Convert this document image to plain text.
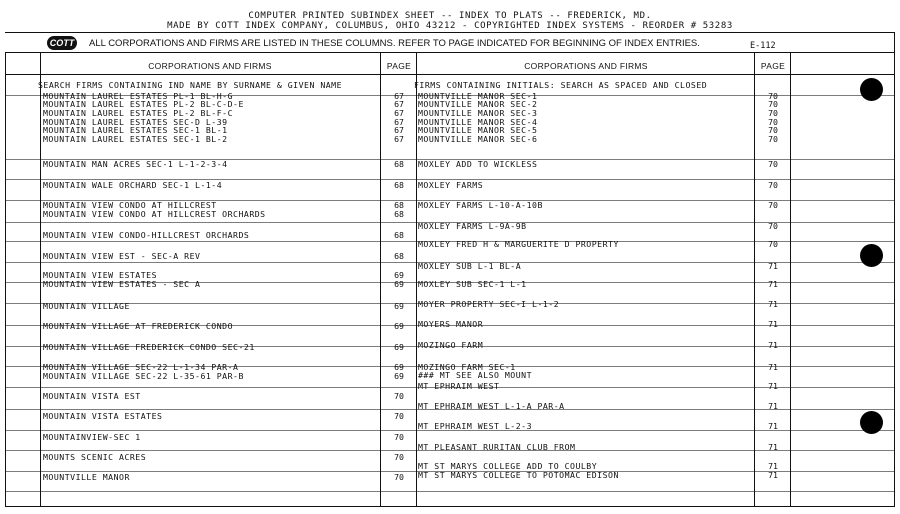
COMPUTER PRINTED SUBINDEX SHEET -- INDEX TO PLATS -- FREDERICK, MD.
MADE BY COTT INDEX COMPANY, COLUMBUS, OHIO 43212 - COPYRIGHTED INDEX SYSTEMS - REORDER # 53283
COTT ALL CORPORATIONS AND FIRMS ARE LISTED IN THESE COLUMNS. REFER TO PAGE INDICATED FOR BEGINNING OF INDEX ENTRIES.	E-112
CORPORATIONS AND FIRMS	PAGE	CORPORATIONS AND FIRMS	PAGE
SEARCH FIRMS CONTAINING IND NAME BY SURNAME & GIVEN NAME	FIRMS CONTAINING INITIALS: SEARCH AS SPACED AND CLOSED
MOUNTAIN LAUREL ESTATES PL-1 BL-H-G	67
MOUNTAIN LAUREL ESTATES PL-2 BL-C-D-E	67
MOUNTAIN LAUREL ESTATES PL-2 BL-F-C	67
MOUNTAIN LAUREL ESTATES SEC-D L-39	67
MOUNTAIN LAUREL ESTATES SEC-1 BL-1	67
MOUNTAIN LAUREL ESTATES SEC-1 BL-2	67
MOUNTAIN MAN ACRES SEC-1 L-1-2-3-4	68
MOUNTAIN WALE ORCHARD SEC-1 L-1-4	68
MOUNTAIN VIEW CONDO AT HILLCREST	68
MOUNTAIN VIEW CONDO AT HILLCREST ORCHARDS	68
MOUNTAIN VIEW CONDO-HILLCREST ORCHARDS	68
MOUNTAIN VIEW EST - SEC-A REV	68
MOUNTAIN VIEW ESTATES	69
MOUNTAIN VIEW ESTATES - SEC A	69
MOUNTAIN VILLAGE	69
MOUNTAIN VILLAGE AT FREDERICK CONDO	69
MOUNTAIN VILLAGE FREDERICK CONDO SEC-21	69
MOUNTAIN VILLAGE SEC-22 L-1-34 PAR-A	69
MOUNTAIN VILLAGE SEC-22 L-35-61 PAR-B	69
MOUNTAIN VISTA EST	70
MOUNTAIN VISTA ESTATES	70
MOUNTAINVIEW-SEC 1	70
MOUNTS SCENIC ACRES	70
MOUNTVILLE MANOR	70
MOUNTVILLE MANOR SEC-1	70
MOUNTVILLE MANOR SEC-2	70
MOUNTVILLE MANOR SEC-3	70
MOUNTVILLE MANOR SEC-4	70
MOUNTVILLE MANOR SEC-5	70
MOUNTVILLE MANOR SEC-6	70
MOXLEY ADD TO WICKLESS	70
MOXLEY FARMS	70
MOXLEY FARMS L-10-A-10B	70
MOXLEY FARMS L-9A-9B	70
MOXLEY FRED H & MARGUERITE D PROPERTY	70
MOXLEY SUB L-1 BL-A	71
MOXLEY SUB SEC-1 L-1	71
MOYER PROPERTY SEC-I L-1-2	71
MOYERS MANOR	71
MOZINGO FARM	71
MOZINGO FARM SEC-1	71
### MT SEE ALSO MOUNT
MT EPHRAIM WEST	71
MT EPHRAIM WEST L-1-A PAR-A	71
MT EPHRAIM WEST L-2-3	71
MT PLEASANT RURITAN CLUB FROM	71
MT ST MARYS COLLEGE ADD TO COULBY	71
MT ST MARYS COLLEGE TO POTOMAC EDISON	71
